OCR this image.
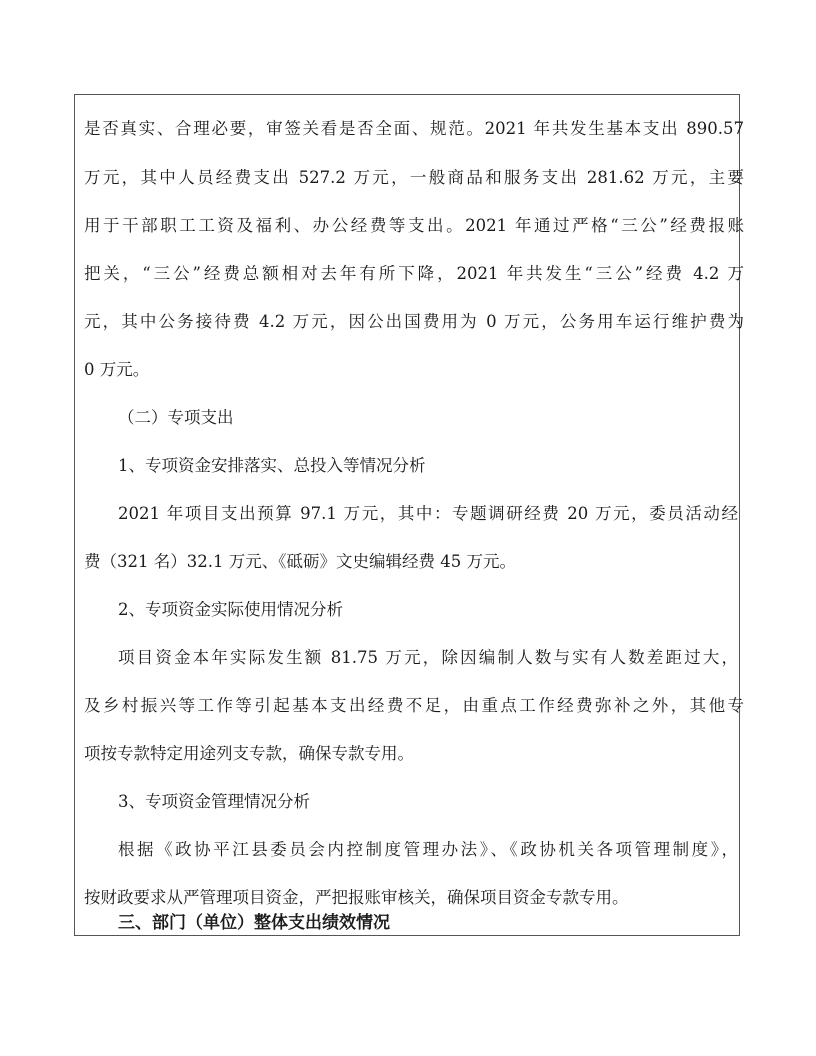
是否真实、合理必要，审签关看是否全面、规范。2021 年共发生基本支出 890.57
万元，其中人员经费支出 527.2 万元，一般商品和服务支出 281.62 万元，主要
用于干部职工工资及福利、办公经费等支出。2021 年通过严格“三公”经费报账
把关，“三公”经费总额相对去年有所下降，2021 年共发生“三公”经费 4.2 万
元，其中公务接待费 4.2 万元，因公出国费用为 0 万元，公务用车运行维护费为
0 万元。
（二）专项支出
1、专项资金安排落实、总投入等情况分析
2021 年项目支出预算 97.1 万元，其中：专题调研经费 20 万元，委员活动经
费（321 名）32.1 万元、《砥砺》文史编辑经费 45 万元。
2、专项资金实际使用情况分析
项目资金本年实际发生额 81.75 万元，除因编制人数与实有人数差距过大，
及乡村振兴等工作等引起基本支出经费不足，由重点工作经费弥补之外，其他专
项按专款特定用途列支专款，确保专款专用。
3、专项资金管理情况分析
根据《政协平江县委员会内控制度管理办法》、《政协机关各项管理制度》，
按财政要求从严管理项目资金，严把报账审核关，确保项目资金专款专用。
三、部门（单位）整体支出绩效情况
